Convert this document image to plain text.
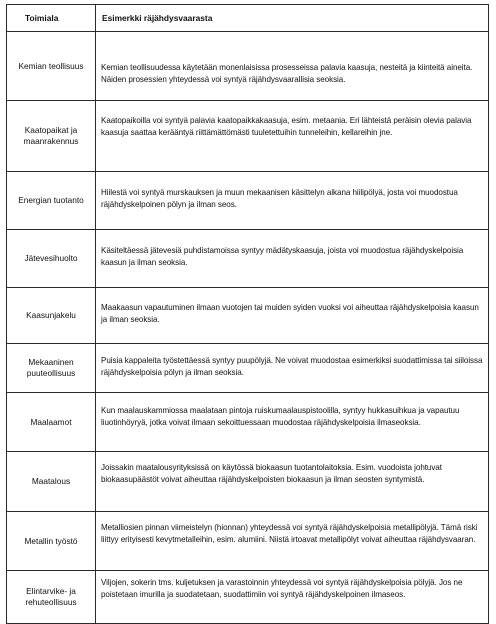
Toimiala	Esimerkki räjähdysvaarasta
Kemian teollisuus	Kemian teollisuudessa käytetään monenlaisissa prosesseissa palavia kaasuja, nesteitä ja kiinteitä aineita. Näiden prosessien yhteydessä voi syntyä räjähdysvaarallisia seoksia.
Kaatopaikat ja maanrakennus	Kaatopaikoilla voi syntyä palavia kaatopaikkakaasuja, esim. metaania. Eri lähteistä peräisin olevia palavia kaasuja saattaa kerääntyä riittämättömästi tuuletettuihin tunneleihin, kellareihin jne.
Energian tuotanto	Hiilestä voi syntyä murskauksen ja muun mekaanisen käsittelyn aikana hiilipölyä, josta voi muodostua räjähdyskelpoinen pölyn ja ilman seos.
Jätevesihuolto	Käsiteltäessä jätevesiä puhdistamoissa syntyy mädätyskaasuja, joista voi muodostua räjähdyskelpoisia kaasun ja ilman seoksia.
Kaasunjakelu	Maakaasun vapautuminen ilmaan vuotojen tai muiden syiden vuoksi voi aiheuttaa räjähdyskelpoisia kaasun ja ilman seoksia.
Mekaaninen puuteollisuus	Puisia kappaleita työstettäessä syntyy puupölyjä. Ne voivat muodostaa esimerkiksi suodattimissa tai siiloissa räjähdyskelpoisia pölyn ja ilman seoksia.
Maalaamot	Kun maalauskammiossa maalataan pintoja ruiskumaalauspistoolilla, syntyy hukkasuihkua ja vapautuu liuotinhöyryä, jotka voivat ilmaan sekoittuessaan muodostaa räjähdyskelpoisia ilmaseoksia.
Maatalous	Joissakin maatalousyrityksissä on käytössä biokaasun tuotantolaitoksia. Esim. vuodoista johtuvat biokaasupäästöt voivat aiheuttaa räjähdyskelpoisten biokaasun ja ilman seosten syntymistä.
Metallin työstö	Metalliosien pinnan viimeistelyn (hionnan) yhteydessä voi syntyä räjähdyskelpoisia metallipölyjä. Tämä riski liittyy erityisesti kevytmetalleihin, esim. alumiini. Niistä irtoavat metallipölyt voivat aiheuttaa räjähdysvaaran.
Elintarvike- ja rehuteollisuus	Viljojen, sokerin tms. kuljetuksen ja varastoinnin yhteydessä voi syntyä räjähdyskelpoisia pölyjä. Jos ne poistetaan imurilla ja suodatetaan, suodattimiin voi syntyä räjähdyskelpoinen ilmaseos.
